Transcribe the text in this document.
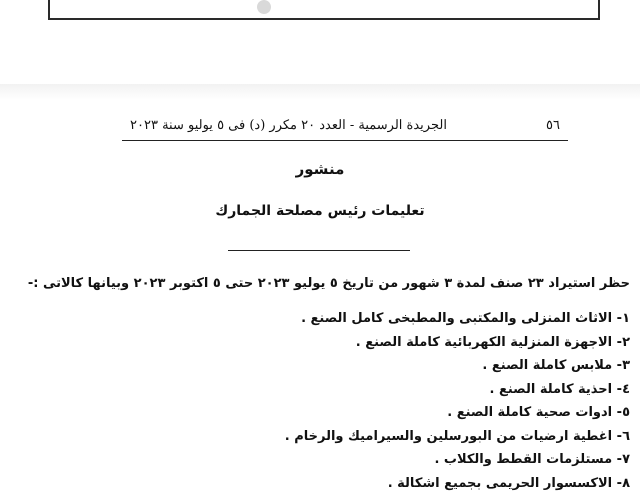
٥٦
الجريدة الرسمية - العدد ٢٠ مكرر (د) فى ٥ يوليو سنة ٢٠٢٣
منشور
تعليمات رئيس مصلحة الجمارك
حظر استيراد ٢٣ صنف لمدة ٣ شهور من تاريخ ٥ يوليو ٢٠٢٣ حتى ٥ اكتوبر ٢٠٢٣ وبيانها كالاتى :-
١- الاثاث المنزلى والمكتبى والمطبخى كامل الصنع .
٢- الاجهزة المنزلية الكهربائية كاملة الصنع .
٣- ملابس كاملة الصنع .
٤- احذية كاملة الصنع .
٥- ادوات صحية كاملة الصنع .
٦- اغطية ارضيات من البورسلين والسيراميك والرخام .
٧- مستلزمات القطط والكلاب .
٨- الاكسسوار الحريمى بجميع اشكالة .
